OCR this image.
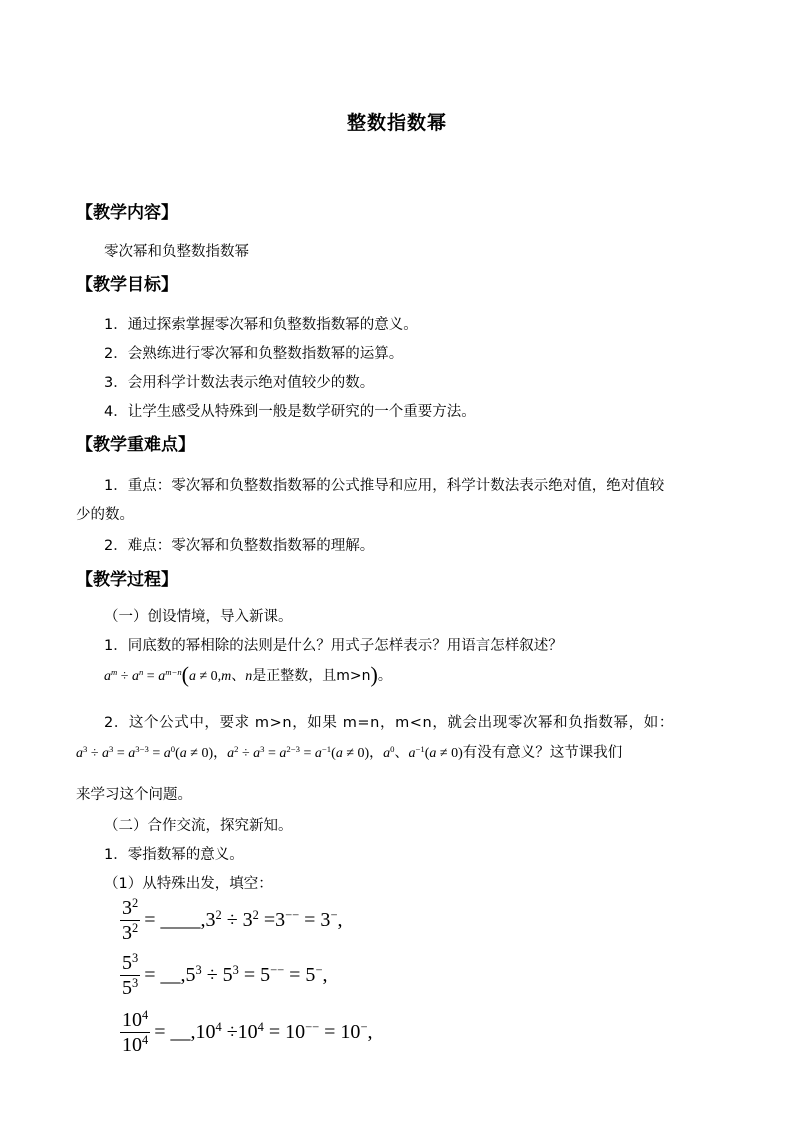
整数指数幂
【教学内容】
零次幂和负整数指数幂
【教学目标】
1．通过探索掌握零次幂和负整数指数幂的意义。
2．会熟练进行零次幂和负整数指数幂的运算。
3．会用科学计数法表示绝对值较少的数。
4．让学生感受从特殊到一般是数学研究的一个重要方法。
【教学重难点】
1．重点：零次幂和负整数指数幂的公式推导和应用，科学计数法表示绝对值，绝对值较
少的数。
2．难点：零次幂和负整数指数幂的理解。
【教学过程】
（一）创设情境，导入新课。
1．同底数的幂相除的法则是什么？用式子怎样表示？用语言怎样叙述？
$a^m \div a^n = a^{m-n}(a \ne 0,m$、n是正整数，且m>n)。
2．这个公式中，要求 m>n，如果 m=n，m<n，就会出现零次幂和负指数幂，如：
$a^3 \div a^3 = a^{3-3} = a^0(a \ne 0)$，$a^2 \div a^3 = a^{2-3} = a^{-1}(a \ne 0)$，$a^0$、$a^{-1}(a \ne 0)$有没有意义？这节课我们
来学习这个问题。
（二）合作交流，探究新知。
1．零指数幂的意义。
（1）从特殊出发，填空：
$\frac{3^2}{3^2}$ = $\_\_\_\_,3^2 \div 3^2 =3^{--} = 3^-$,
$\frac{5^3}{5^3}$ = $\_\_,5^3 \div 5^3 = 5^{--} = 5^-$,
$\frac{10^4}{10^4}$ = $\_\_,10^4 \div 10^4 = 10^{--} = 10^-$,
